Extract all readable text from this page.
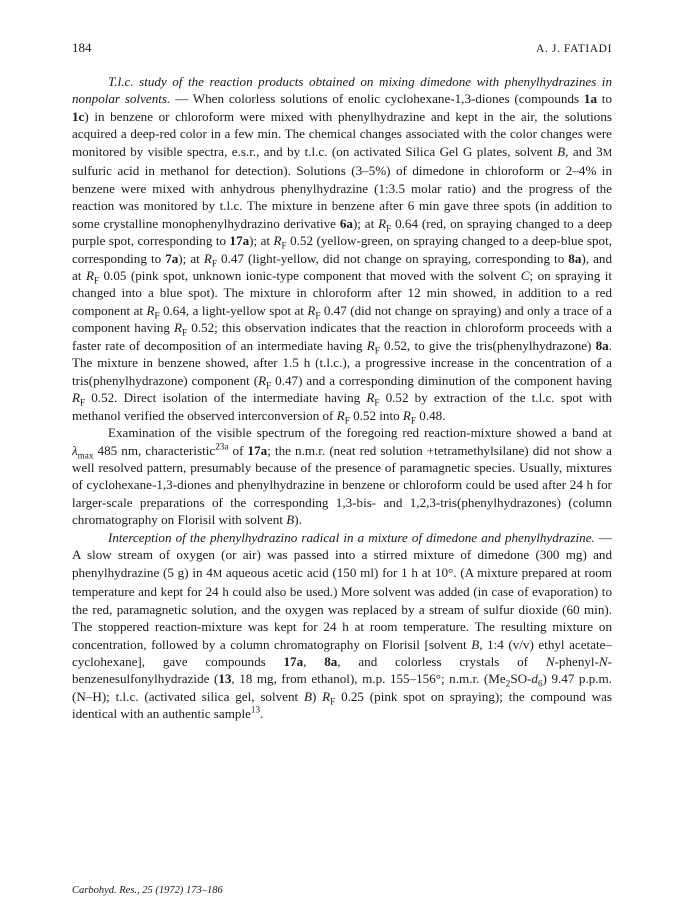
184	A. J. FATIADI

T.l.c. study of the reaction products obtained on mixing dimedone with phenylhydrazines in nonpolar solvents. — When colorless solutions of enolic cyclohexane-1,3-diones (compounds 1a to 1c) in benzene or chloroform were mixed with phenylhydrazine and kept in the air, the solutions acquired a deep-red color in a few min. The chemical changes associated with the color changes were monitored by visible spectra, e.s.r., and by t.l.c. (on activated Silica Gel G plates, solvent B, and 3M sulfuric acid in methanol for detection). Solutions (3–5%) of dimedone in chloroform or 2–4% in benzene were mixed with anhydrous phenylhydrazine (1:3.5 molar ratio) and the progress of the reaction was monitored by t.l.c. The mixture in benzene after 6 min gave three spots (in addition to some crystalline monophenylhydrazino derivative 6a); at $R_F$ 0.64 (red, on spraying changed to a deep purple spot, corresponding to 17a); at $R_F$ 0.52 (yellow-green, on spraying changed to a deep-blue spot, corresponding to 7a); at $R_F$ 0.47 (light-yellow, did not change on spraying, corresponding to 8a), and at $R_F$ 0.05 (pink spot, unknown ionic-type component that moved with the solvent C; on spraying it changed into a blue spot). The mixture in chloroform after 12 min showed, in addition to a red component at $R_F$ 0.64, a light-yellow spot at $R_F$ 0.47 (did not change on spraying) and only a trace of a component having $R_F$ 0.52; this observation indicates that the reaction in chloroform proceeds with a faster rate of decomposition of an intermediate having $R_F$ 0.52, to give the tris(phenylhydrazone) 8a. The mixture in benzene showed, after 1.5 h (t.l.c.), a progressive increase in the concentration of a tris(phenylhydrazone) component ($R_F$ 0.47) and a corresponding diminution of the component having $R_F$ 0.52. Direct isolation of the intermediate having $R_F$ 0.52 by extraction of the t.l.c. spot with methanol verified the observed interconversion of $R_F$ 0.52 into $R_F$ 0.48.

Examination of the visible spectrum of the foregoing red reaction-mixture showed a band at $\lambda_{max}$ 485 nm, characteristic$^{23a}$ of 17a; the n.m.r. (neat red solution +tetramethylsilane) did not show a well resolved pattern, presumably because of the presence of paramagnetic species. Usually, mixtures of cyclohexane-1,3-diones and phenylhydrazine in benzene or chloroform could be used after 24 h for larger-scale preparations of the corresponding 1,3-bis- and 1,2,3-tris(phenylhydrazones) (column chromatography on Florisil with solvent B).

Interception of the phenylhydrazino radical in a mixture of dimedone and phenylhydrazine. — A slow stream of oxygen (or air) was passed into a stirred mixture of dimedone (300 mg) and phenylhydrazine (5 g) in 4M aqueous acetic acid (150 ml) for 1 h at 10°. (A mixture prepared at room temperature and kept for 24 h could also be used.) More solvent was added (in case of evaporation) to the red, paramagnetic solution, and the oxygen was replaced by a stream of sulfur dioxide (60 min). The stoppered reaction-mixture was kept for 24 h at room temperature. The resulting mixture on concentration, followed by a column chromatography on Florisil [solvent B, 1:4 (v/v) ethyl acetate–cyclohexane], gave compounds 17a, 8a, and colorless crystals of N-phenyl-N-benzenesulfonylhydrazide (13, 18 mg, from ethanol), m.p. 155–156°; n.m.r. $(Me_2SO-d_6)$ 9.47 p.p.m. (N–H); t.l.c. (activated silica gel, solvent B) $R_F$ 0.25 (pink spot on spraying); the compound was identical with an authentic sample$^{13}$.

Carbohyd. Res., 25 (1972) 173–186
